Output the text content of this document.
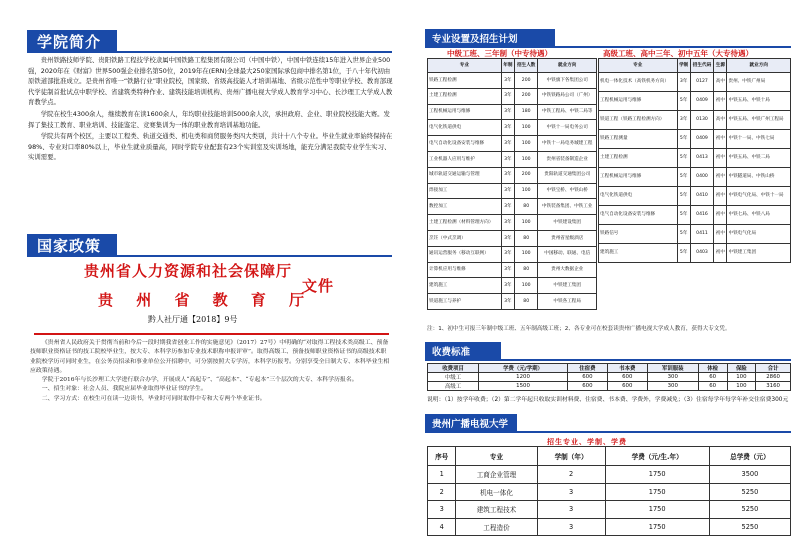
学院简介

贵州铁路技师学院、贵阳铁路工程技学校隶属中国铁路工程集团有限公司（中国中铁），中国中铁连续15年进入世界企业500强，2020年在《财富》世界500强企业排名第50位，2019年在(ERN)全球最大250家国际承包商中排名第1位，于八十年代初由原铁道部批准成立。是贵州省唯一“铁路行业”职业院校，国家级、省级高技能人才培训基地、省级示范性中等职业学校、教育部现代学徒制首批试点中职学校、省建筑类特种作业、建筑技能培训机构、贵州广播电视大学成人教育学习中心、长沙理工大学成人教育教学点。

学院在校生4300余人，继续教育在读1600余人，年均职业技能培训5000余人次，承担政府、企业、职业院校技能大赛。发挥了集技工教育、职业培训、技能鉴定、竞赛集训为一体的职业教育培训基地功能。

学院共有两个校区，主要以工程类、轨道交通类、机电类和商贸服务类四大类别，共计十八个专业。毕业生就业率始终保持在98%、专业对口率80%以上，毕业生就业质量高，同时学院专业配套有23个实训室及实训场地，能充分满足我院专业学生实习、实训需要。

国家政策
贵州省人力资源和社会保障厅
文件
贵 州 省 教 育 厅
黔人社厅通【2018】9号

《贵州省人民政府关于贯彻当前和今后一段时期我省创业工作的实施意见》（2017）27号）中明确的“对取得工程技术类高级工、预备技师职业资格证书的技工院校毕业生，按大专、本科学历参加专业技术职称申报评审”。取得高级工、预备技师职业资格证书的高级技术职业院校学历可同时业生，在公务员招录和事业单位公开招聘中，可分别按照大专学历，本科学历报考。分别享受全日制大专、本科毕业生相应政策待遇。

学院于2016年与长沙理工大学进行联合办学，开展成人“高起专”、“高起本”、“专起本”三个层次的大专、本科学历报名。

一、招生对象：社会人员、我院应届毕业取得毕业证书的学生。

二、学习方式：在校生可在读一边读书，毕业时可同时取得中专和大专两个毕业证书。

专业设置及招生计划
中级工班、三年制（中专待遇）	高级工班、高中三年、初中五年（大专待遇）
专业	年制	招生人数	就业方向
铁路工程检测	3年	200	中铁旗下各集团公司
土建工程检测	3年	200	中铁铁路局公司（广州）
工程机械运用与维修	3年	180	中铁工程局、中铁二局等
电气化铁道供电	3年	100	中铁十一局电务公司
电气自动化设备安装与维修	3年	100	中铁十一局电务城建工程
工业机器人应用与维护	3年	100	贵州省装备制造企业
城市轨道交通运输与管理	3年	200	贵阳轨道交通集团公司
焊接加工	3年	100	中铁宝桥、中铁山桥
数控加工	3年	80	中铁装备集团、中铁工业
土建工程检测（材料管理方向）	3年	100	中铁建设集团
烹饪（中式烹调）	3年	80	贵州省星级酒店
通讯运营服务（移动互联网）	3年	100	中国移动、联通、电信
计算机应用与维修	3年	80	贵州大数据企业
建筑施工	3年	100	中铁建工集团
铁道施工与养护	3年	80	中铁各工程局
专业	学制	招生代码	生源	就业方向
机电一体化技术（高铁机务方向）	3年	0127	高中	贵州、中铁广州局
工程机械运用与维修	5年	0409	初中	中铁五局、中铁十局
铁道工程（铁路工程检测方向）	3年	0130	高中	中铁五局、中铁广州工程局
铁路工程测量	5年	0409	初中	中铁十一局、中铁七局
土建工程检测	5年	0413	初中	中铁五局、中铁二局
工程机械运用与维修	5年	0400	初中	中铁隧道局、中铁山桥
电气化铁道供电	5年	0410	初中	中铁电气化局、中铁十一局
电气自动化设备安装与维修	5年	0416	初中	中铁七局、中铁八局
铁路信号	5年	0411	初中	中铁电气化局
建筑施工	5年	0403	初中	中铁建工集团
注：1、初中生可报三年制中级工班、五年制高级工班；2、各专业可在校套读贵州广播电视大学成人教育，获得大专文凭。
收费标准
收费项目	学费（元/学期）	住宿费	书本费	军训服装	体检	保险	合计
中级工	1200	600	600	300	60	100	2860
高级工	1500	600	600	300	60	100	3160
说明：（1）按学年收费；（2）第二学年起只收取实训材料费、住宿费、书本费、学费外，学费减免；（3）住宿每学年每学年补交住宿费300元
贵州广播电视大学
招生专业、学制、学费
序号	专业	学制（年）	学费（元/生.年）	总学费（元）
1	工商企业管理	2	1750	3500
2	机电一体化	3	1750	5250
3	建筑工程技术	3	1750	5250
4	工程造价	3	1750	5250
